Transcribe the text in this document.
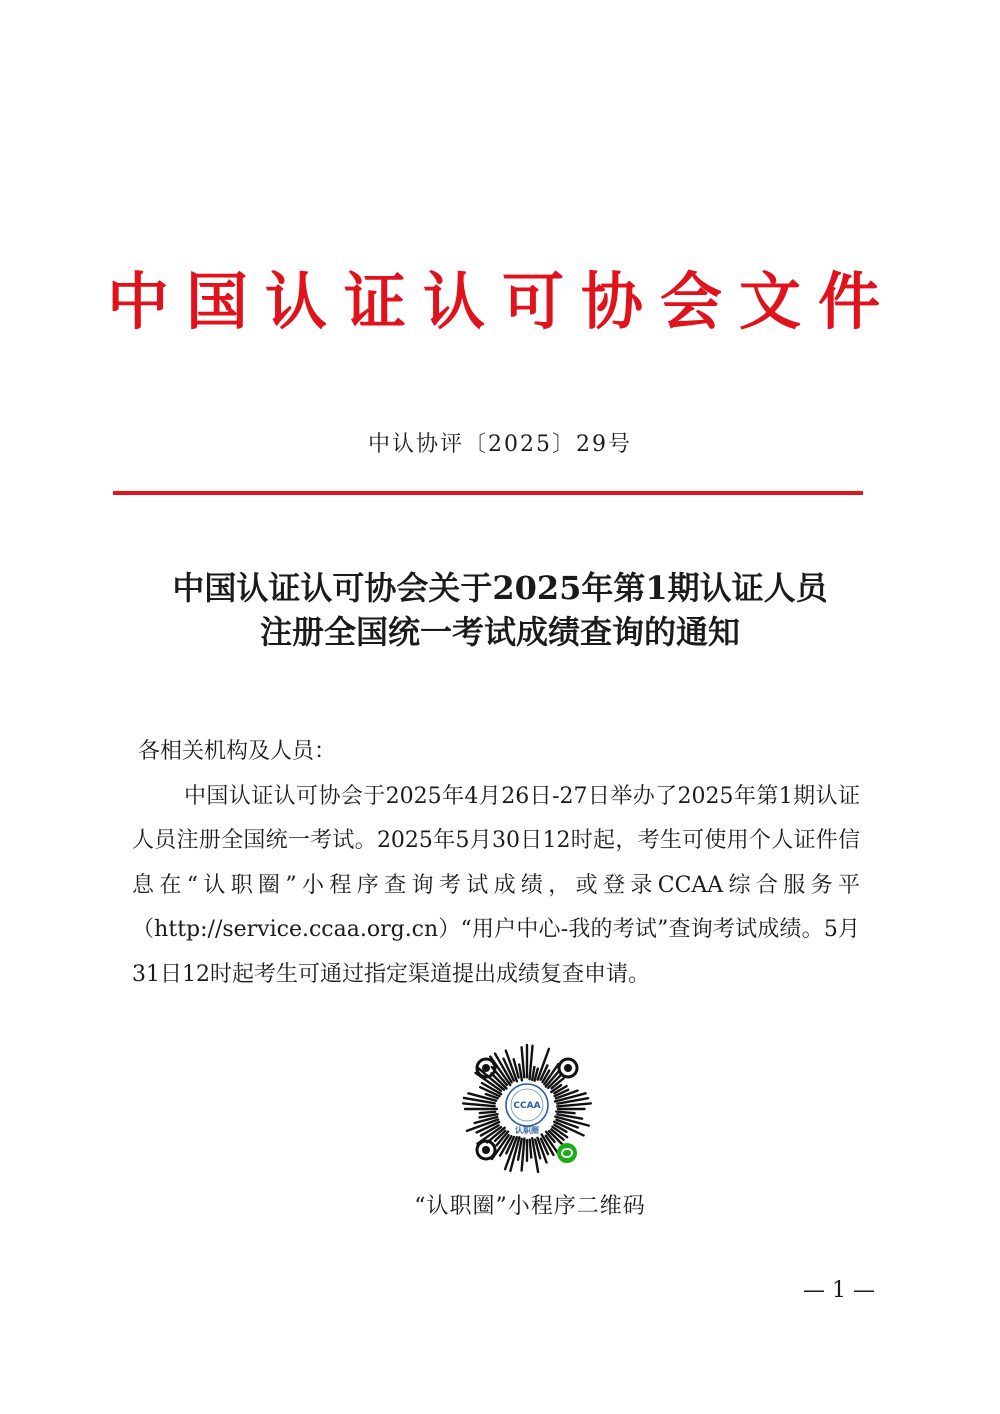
中国认证认可协会文件
中认协评〔2025〕29号
中国认证认可协会关于2025年第1期认证人员
注册全国统一考试成绩查询的通知
各相关机构及人员：

中国认证认可协会于2025年4月26日-27日举办了2025年第1期认证人员注册全国统一考试。2025年5月30日12时起，考生可使用个人证件信息在“认职圈”小程序查询考试成绩，或登录CCAA综合服务平（http://service.ccaa.org.cn）“用户中心-我的考试”查询考试成绩。5月31日12时起考生可通过指定渠道提出成绩复查申请。

CCAA
认职圈
“认职圈”小程序二维码
— 1 —
